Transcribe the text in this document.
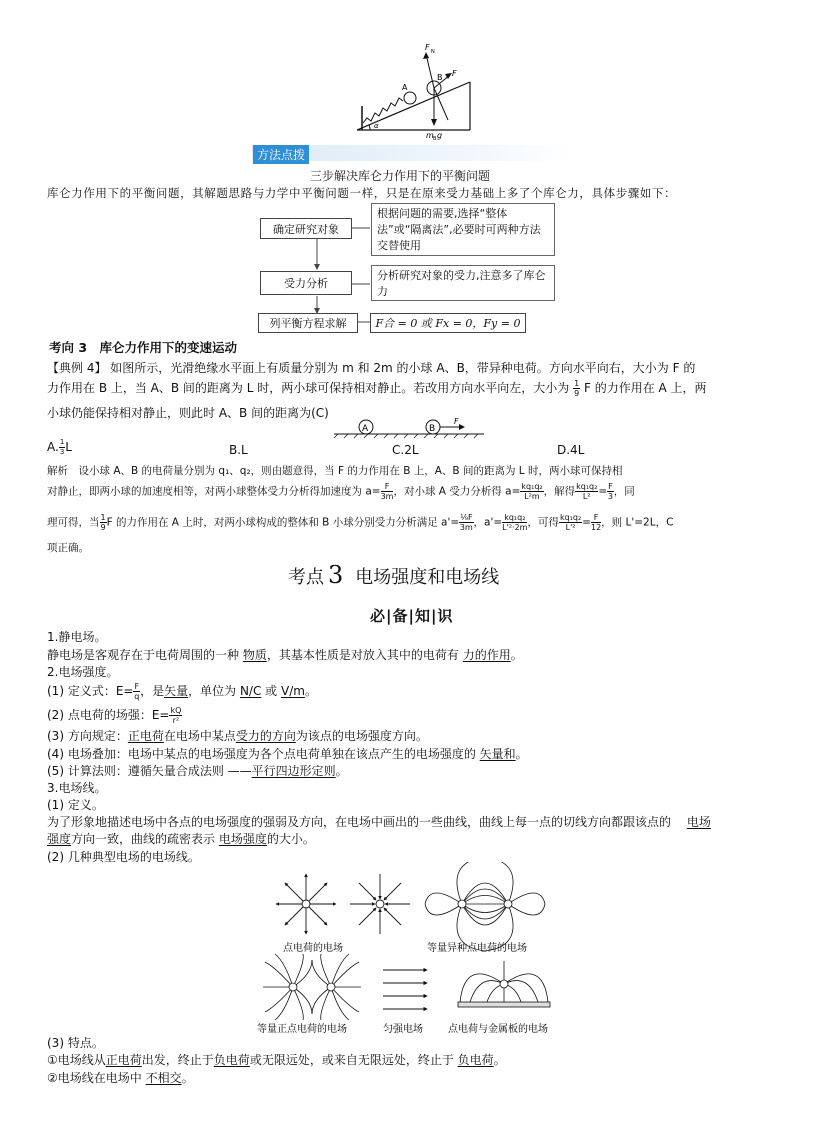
F N
F
A
B
α
m B g
方法点拨
三步解决库仑力作用下的平衡问题
库仑力作用下的平衡问题，其解题思路与力学中平衡问题一样，只是在原来受力基础上多了个库仑力，具体步骤如下：
确定研究对象
根据问题的需要,选择“整体法”或“隔离法”,必要时可两种方法交替使用
受力分析
分析研究对象的受力,注意多了库仑力
列平衡方程求解	F合 = 0 或 Fx = 0，Fy = 0
考向 3　库仑力作用下的变速运动
【典例 4】 如图所示，光滑绝缘水平面上有质量分别为 m 和 2m 的小球 A、B，带异种电荷。方向水平向右，大小为 F 的
力作用在 B 上，当 A、B 间的距离为 L 时，两小球可保持相对静止。若改用方向水平向左，大小为 $\frac{1}{9}$ F 的力作用在 A 上，两
小球仍能保持相对静止，则此时 A、B 间的距离为(C)
A	B
F
A. $\frac{1}{3}$ L	B.L	C.2L	D.4L
解析　设小球 A、B 的电荷量分别为 q₁、q₂，则由题意得，当 F 的力作用在 B 上，A、B 间的距离为 L 时，两小球可保持相
对静止，即两小球的加速度相等，对两小球整体受力分析得加速度为 $a= \frac{F}{3m}$ ，对小球 A 受力分析得 $a= \frac{\text{kq₁q₂}}{\text{L²m}}$ ，解得 $\frac{\text{kq₁q₂}}{\text{L²}} = \frac{F}{3}$ ，同
理可得，当 $\frac{1}{9}$ F 的力作用在 A 上时，对两小球构成的整体和 B 小球分别受力分析满足 $a'= \frac{\text{⅑F}}{3m}$ ，$a'= \frac{\text{kq₁q₂}}{\text{L'²·2m}}$ ，可得 $\frac{\text{kq₁q₂}}{\text{L'²}} = \frac{F}{12}$ ，则 L'=2L，C
项正确。
考点 3 电场强度和电场线
必|备|知|识
1.静电场。
静电场是客观存在于电荷周围的一种 物质，其基本性质是对放入其中的电荷有 力的作用。
2.电场强度。
(1) 定义式：$E= \frac{F}{q}$ ，是矢量，单位为 N/C 或 V/m。
(2) 点电荷的场强：$E= \frac{kQ}{\text{r²}}$
(3) 方向规定：正电荷在电场中某点受力的方向为该点的电场强度方向。
(4) 电场叠加：电场中某点的电场强度为各个点电荷单独在该点产生的电场强度的 矢量和。
(5) 计算法则：遵循矢量合成法则 ——平行四边形定则。
3.电场线。
(1) 定义。
为了形象地描述电场中各点的电场强度的强弱及方向，在电场中画出的一些曲线，曲线上每一点的切线方向都跟该点的 电场
强度方向一致，曲线的疏密表示 电场强度的大小。
(2) 几种典型电场的电场线。
点电荷的电场	等量异种点电荷的电场
等量正点电荷的电场	匀强电场	点电荷与金属板的电场
(3) 特点。
①电场线从正电荷出发，终止于负电荷或无限远处，或来自无限远处，终止于 负电荷。
②电场线在电场中 不相交。
